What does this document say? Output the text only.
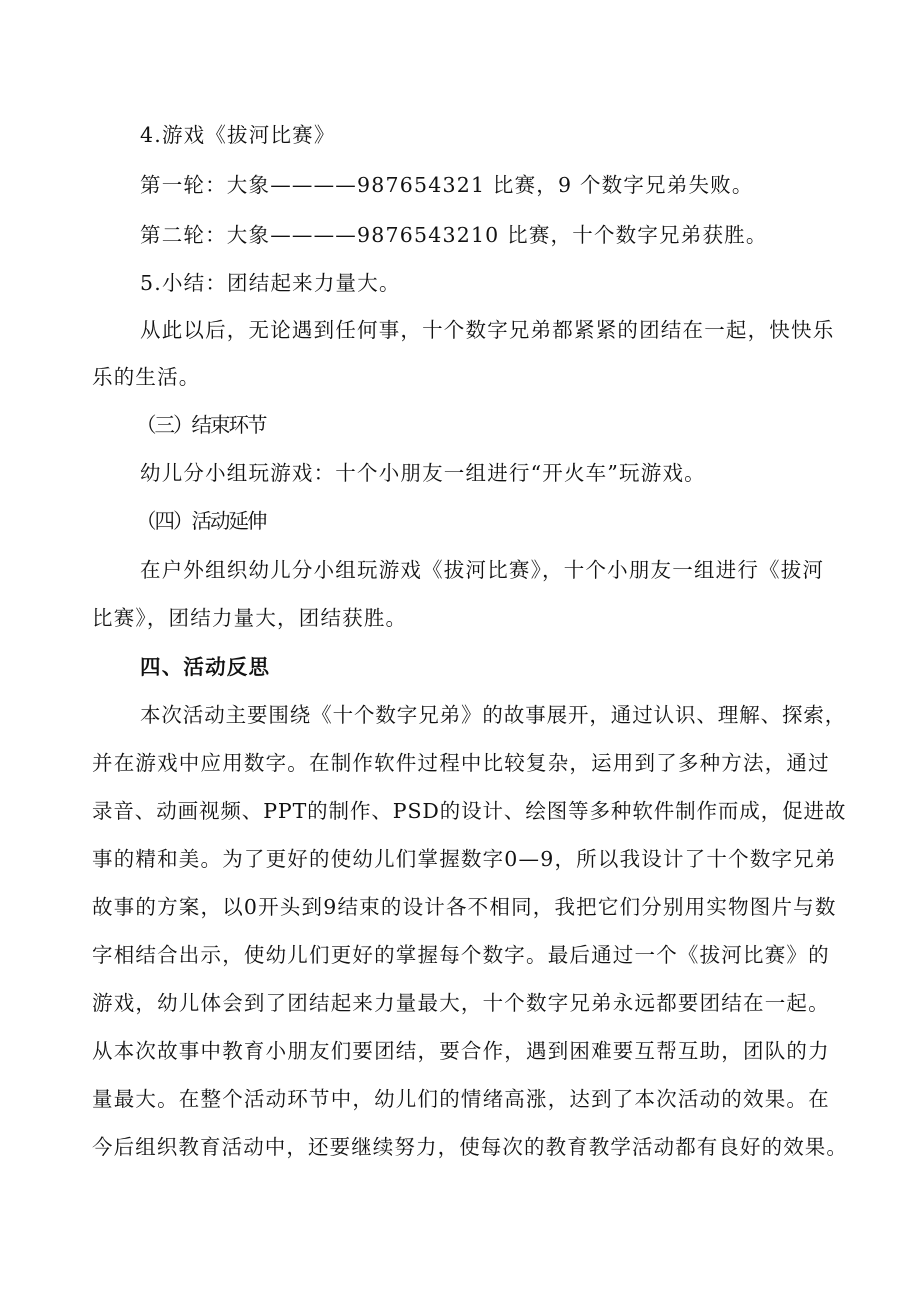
4.游戏《拔河比赛》
第一轮：大象————987654321 比赛，9 个数字兄弟失败。
第二轮：大象————9876543210 比赛，十个数字兄弟获胜。
5.小结：团结起来力量大。
从此以后，无论遇到任何事，十个数字兄弟都紧紧的团结在一起，快快乐
乐的生活。
（三）结束环节
幼儿分小组玩游戏：十个小朋友一组进行“开火车”玩游戏。
（四）活动延伸
在户外组织幼儿分小组玩游戏《拔河比赛》，十个小朋友一组进行《拔河
比赛》，团结力量大，团结获胜。
四、活动反思
本次活动主要围绕《十个数字兄弟》的故事展开，通过认识、理解、探索，
并在游戏中应用数字。在制作软件过程中比较复杂，运用到了多种方法，通过
录音、动画视频、PPT的制作、PSD的设计、绘图等多种软件制作而成，促进故
事的精和美。为了更好的使幼儿们掌握数字0—9，所以我设计了十个数字兄弟
故事的方案，以0开头到9结束的设计各不相同，我把它们分别用实物图片与数
字相结合出示，使幼儿们更好的掌握每个数字。最后通过一个《拔河比赛》的
游戏，幼儿体会到了团结起来力量最大，十个数字兄弟永远都要团结在一起。
从本次故事中教育小朋友们要团结，要合作，遇到困难要互帮互助，团队的力
量最大。在整个活动环节中，幼儿们的情绪高涨，达到了本次活动的效果。在
今后组织教育活动中，还要继续努力，使每次的教育教学活动都有良好的效果。
